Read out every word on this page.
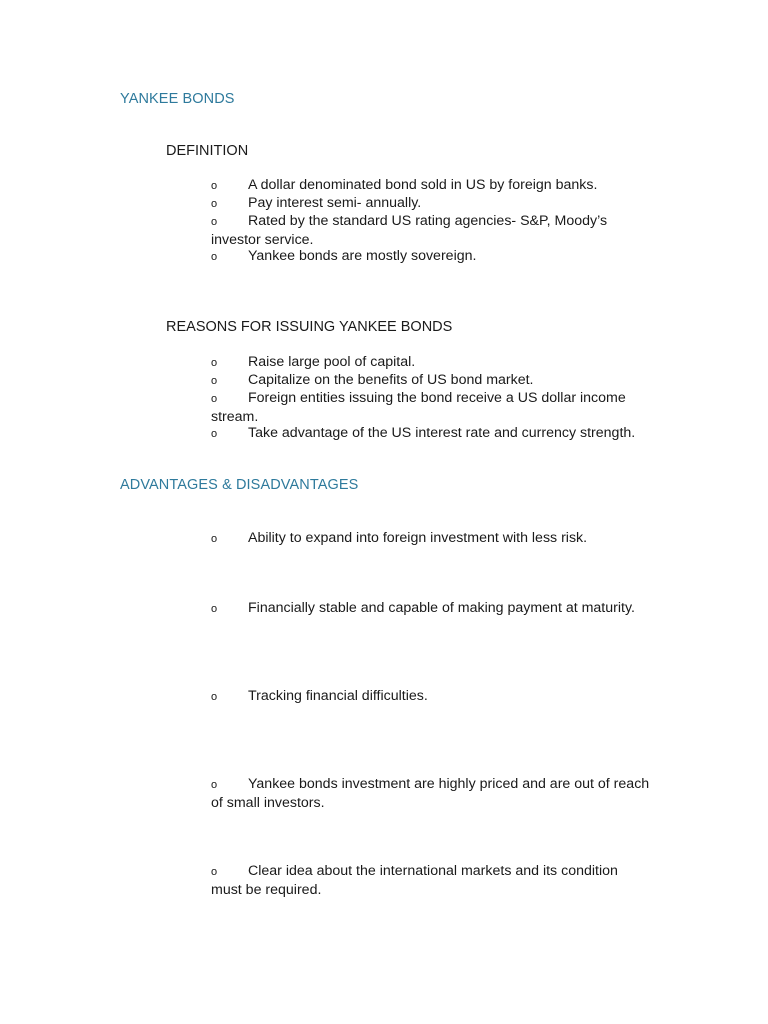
YANKEE BONDS
DEFINITION
o A dollar denominated bond sold in US by foreign banks.
o Pay interest semi- annually.
o Rated by the standard US rating agencies- S&P, Moody’s investor service.
o Yankee bonds are mostly sovereign.
REASONS FOR ISSUING YANKEE BONDS
o Raise large pool of capital.
o Capitalize on the benefits of US bond market.
o Foreign entities issuing the bond receive a US dollar income stream.
o Take advantage of the US interest rate and currency strength.
ADVANTAGES & DISADVANTAGES
o Ability to expand into foreign investment with less risk.
o Financially stable and capable of making payment at maturity.
o Tracking financial difficulties.
o Yankee bonds investment are highly priced and are out of reach of small investors.
o Clear idea about the international markets and its condition must be required.
